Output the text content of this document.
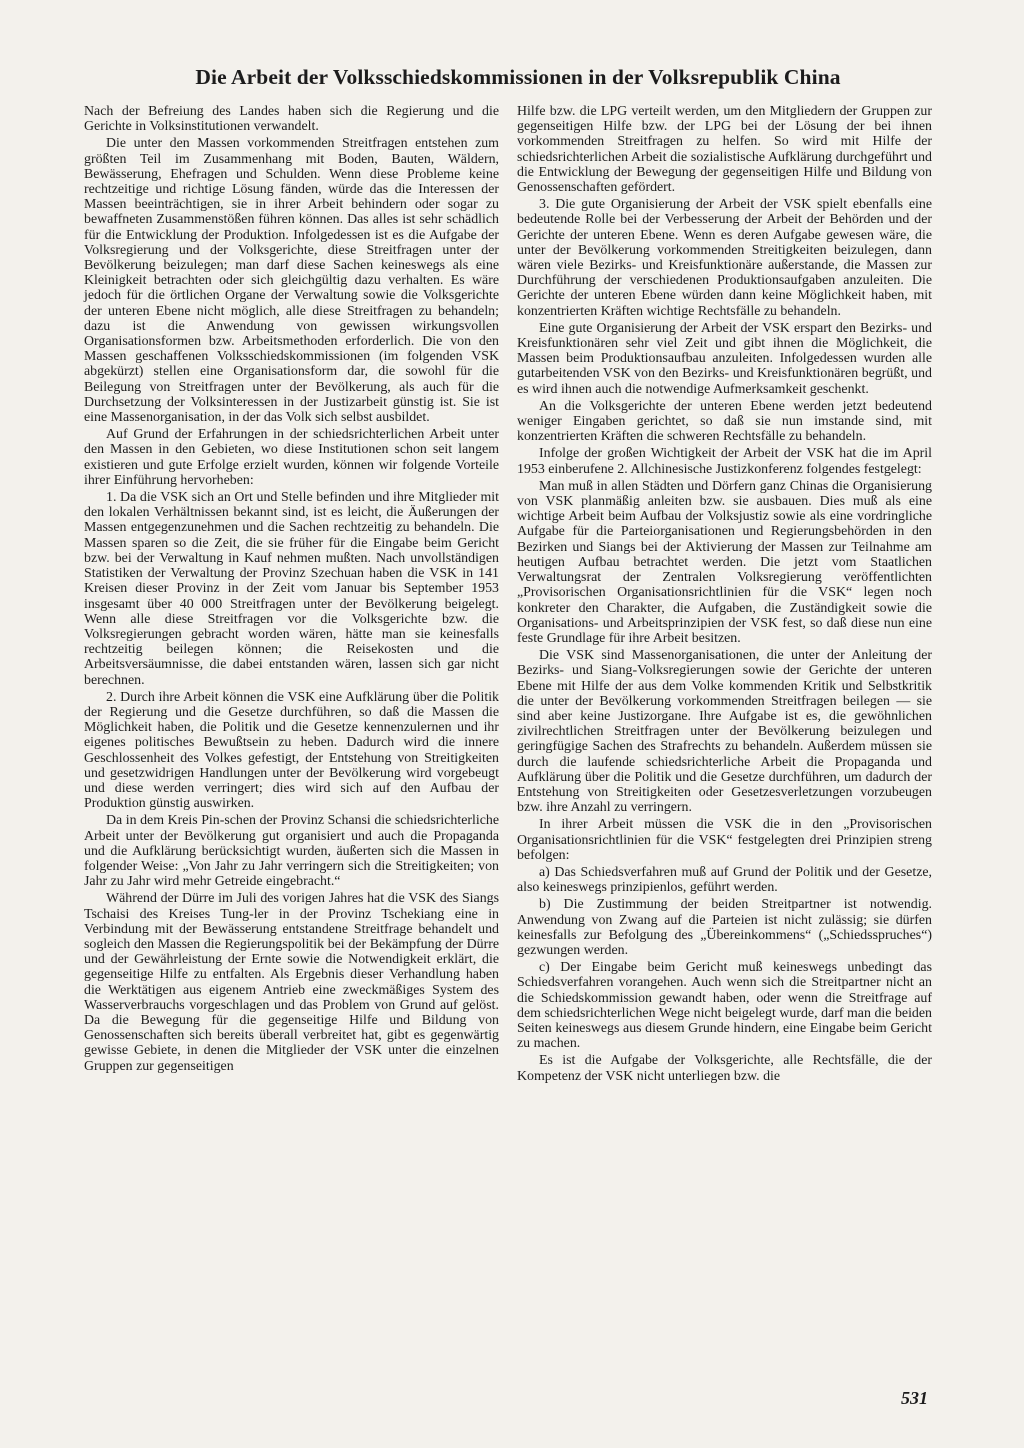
Die Arbeit der Volksschiedskommissionen in der Volksrepublik China

Nach der Befreiung des Landes haben sich die Regierung und die Gerichte in Volksinstitutionen verwandelt.

Die unter den Massen vorkommenden Streitfragen entstehen zum größten Teil im Zusammenhang mit Boden, Bauten, Wäldern, Bewässerung, Ehefragen und Schulden. Wenn diese Probleme keine rechtzeitige und richtige Lösung fänden, würde das die Interessen der Massen beeinträchtigen, sie in ihrer Arbeit behindern oder sogar zu bewaffneten Zusammenstößen führen können. Das alles ist sehr schädlich für die Entwicklung der Produktion. Infolgedessen ist es die Aufgabe der Volksregierung und der Volksgerichte, diese Streitfragen unter der Bevölkerung beizulegen; man darf diese Sachen keineswegs als eine Kleinigkeit betrachten oder sich gleichgültig dazu verhalten. Es wäre jedoch für die örtlichen Organe der Verwaltung sowie die Volksgerichte der unteren Ebene nicht möglich, alle diese Streitfragen zu behandeln; dazu ist die Anwendung von gewissen wirkungsvollen Organisationsformen bzw. Arbeitsmethoden erforderlich. Die von den Massen geschaffenen Volksschiedskommissionen (im folgenden VSK abgekürzt) stellen eine Organisationsform dar, die sowohl für die Beilegung von Streitfragen unter der Bevölkerung, als auch für die Durchsetzung der Volksinteressen in der Justizarbeit günstig ist. Sie ist eine Massenorganisation, in der das Volk sich selbst ausbildet.

Auf Grund der Erfahrungen in der schiedsrichterlichen Arbeit unter den Massen in den Gebieten, wo diese Institutionen schon seit langem existieren und gute Erfolge erzielt wurden, können wir folgende Vorteile ihrer Einführung hervorheben:

1. Da die VSK sich an Ort und Stelle befinden und ihre Mitglieder mit den lokalen Verhältnissen bekannt sind, ist es leicht, die Äußerungen der Massen entgegenzunehmen und die Sachen rechtzeitig zu behandeln. Die Massen sparen so die Zeit, die sie früher für die Eingabe beim Gericht bzw. bei der Verwaltung in Kauf nehmen mußten. Nach unvollständigen Statistiken der Verwaltung der Provinz Szechuan haben die VSK in 141 Kreisen dieser Provinz in der Zeit vom Januar bis September 1953 insgesamt über 40 000 Streitfragen unter der Bevölkerung beigelegt. Wenn alle diese Streitfragen vor die Volksgerichte bzw. die Volksregierungen gebracht worden wären, hätte man sie keinesfalls rechtzeitig beilegen können; die Reisekosten und die Arbeitsversäumnisse, die dabei entstanden wären, lassen sich gar nicht berechnen.

2. Durch ihre Arbeit können die VSK eine Aufklärung über die Politik der Regierung und die Gesetze durchführen, so daß die Massen die Möglichkeit haben, die Politik und die Gesetze kennenzulernen und ihr eigenes politisches Bewußtsein zu heben. Dadurch wird die innere Geschlossenheit des Volkes gefestigt, der Entstehung von Streitigkeiten und gesetzwidrigen Handlungen unter der Bevölkerung wird vorgebeugt und diese werden verringert; dies wird sich auf den Aufbau der Produktion günstig auswirken.

Da in dem Kreis Pin-schen der Provinz Schansi die schiedsrichterliche Arbeit unter der Bevölkerung gut organisiert und auch die Propaganda und die Aufklärung berücksichtigt wurden, äußerten sich die Massen in folgender Weise: „Von Jahr zu Jahr verringern sich die Streitigkeiten; von Jahr zu Jahr wird mehr Getreide eingebracht.“

Während der Dürre im Juli des vorigen Jahres hat die VSK des Siangs Tschaisi des Kreises Tung-ler in der Provinz Tschekiang eine in Verbindung mit der Bewässerung entstandene Streitfrage behandelt und sogleich den Massen die Regierungspolitik bei der Bekämpfung der Dürre und der Gewährleistung der Ernte sowie die Notwendigkeit erklärt, die gegenseitige Hilfe zu entfalten. Als Ergebnis dieser Verhandlung haben die Werktätigen aus eigenem Antrieb eine zweckmäßiges System des Wasserverbrauchs vorgeschlagen und das Problem von Grund auf gelöst. Da die Bewegung für die gegenseitige Hilfe und Bildung von Genossenschaften sich bereits überall verbreitet hat, gibt es gegenwärtig gewisse Gebiete, in denen die Mitglieder der VSK unter die einzelnen Gruppen zur gegenseitigen

Hilfe bzw. die LPG verteilt werden, um den Mitgliedern der Gruppen zur gegenseitigen Hilfe bzw. der LPG bei der Lösung der bei ihnen vorkommenden Streitfragen zu helfen. So wird mit Hilfe der schiedsrichterlichen Arbeit die sozialistische Aufklärung durchgeführt und die Entwicklung der Bewegung der gegenseitigen Hilfe und Bildung von Genossenschaften gefördert.

3. Die gute Organisierung der Arbeit der VSK spielt ebenfalls eine bedeutende Rolle bei der Verbesserung der Arbeit der Behörden und der Gerichte der unteren Ebene. Wenn es deren Aufgabe gewesen wäre, die unter der Bevölkerung vorkommenden Streitigkeiten beizulegen, dann wären viele Bezirks- und Kreisfunktionäre außerstande, die Massen zur Durchführung der verschiedenen Produktionsaufgaben anzuleiten. Die Gerichte der unteren Ebene würden dann keine Möglichkeit haben, mit konzentrierten Kräften wichtige Rechtsfälle zu behandeln.

Eine gute Organisierung der Arbeit der VSK erspart den Bezirks- und Kreisfunktionären sehr viel Zeit und gibt ihnen die Möglichkeit, die Massen beim Produktionsaufbau anzuleiten. Infolgedessen wurden alle gutarbeitenden VSK von den Bezirks- und Kreisfunktionären begrüßt, und es wird ihnen auch die notwendige Aufmerksamkeit geschenkt.

An die Volksgerichte der unteren Ebene werden jetzt bedeutend weniger Eingaben gerichtet, so daß sie nun imstande sind, mit konzentrierten Kräften die schweren Rechtsfälle zu behandeln.

Infolge der großen Wichtigkeit der Arbeit der VSK hat die im April 1953 einberufene 2. Allchinesische Justizkonferenz folgendes festgelegt:

Man muß in allen Städten und Dörfern ganz Chinas die Organisierung von VSK planmäßig anleiten bzw. sie ausbauen. Dies muß als eine wichtige Arbeit beim Aufbau der Volksjustiz sowie als eine vordringliche Aufgabe für die Parteiorganisationen und Regierungsbehörden in den Bezirken und Siangs bei der Aktivierung der Massen zur Teilnahme am heutigen Aufbau betrachtet werden. Die jetzt vom Staatlichen Verwaltungsrat der Zentralen Volksregierung veröffentlichten „Provisorischen Organisationsrichtlinien für die VSK“ legen noch konkreter den Charakter, die Aufgaben, die Zuständigkeit sowie die Organisations- und Arbeitsprinzipien der VSK fest, so daß diese nun eine feste Grundlage für ihre Arbeit besitzen.

Die VSK sind Massenorganisationen, die unter der Anleitung der Bezirks- und Siang-Volksregierungen sowie der Gerichte der unteren Ebene mit Hilfe der aus dem Volke kommenden Kritik und Selbstkritik die unter der Bevölkerung vorkommenden Streitfragen beilegen — sie sind aber keine Justizorgane. Ihre Aufgabe ist es, die gewöhnlichen zivilrechtlichen Streitfragen unter der Bevölkerung beizulegen und geringfügige Sachen des Strafrechts zu behandeln. Außerdem müssen sie durch die laufende schiedsrichterliche Arbeit die Propaganda und Aufklärung über die Politik und die Gesetze durchführen, um dadurch der Entstehung von Streitigkeiten oder Gesetzesverletzungen vorzubeugen bzw. ihre Anzahl zu verringern.

In ihrer Arbeit müssen die VSK die in den „Provisorischen Organisationsrichtlinien für die VSK“ festgelegten drei Prinzipien streng befolgen:

a) Das Schiedsverfahren muß auf Grund der Politik und der Gesetze, also keineswegs prinzipienlos, geführt werden.

b) Die Zustimmung der beiden Streitpartner ist notwendig. Anwendung von Zwang auf die Parteien ist nicht zulässig; sie dürfen keinesfalls zur Befolgung des „Übereinkommens“ („Schiedsspruches“) gezwungen werden.

c) Der Eingabe beim Gericht muß keineswegs unbedingt das Schiedsverfahren vorangehen. Auch wenn sich die Streitpartner nicht an die Schiedskommission gewandt haben, oder wenn die Streitfrage auf dem schiedsrichterlichen Wege nicht beigelegt wurde, darf man die beiden Seiten keineswegs aus diesem Grunde hindern, eine Eingabe beim Gericht zu machen.

Es ist die Aufgabe der Volksgerichte, alle Rechtsfälle, die der Kompetenz der VSK nicht unterliegen bzw. die

531
